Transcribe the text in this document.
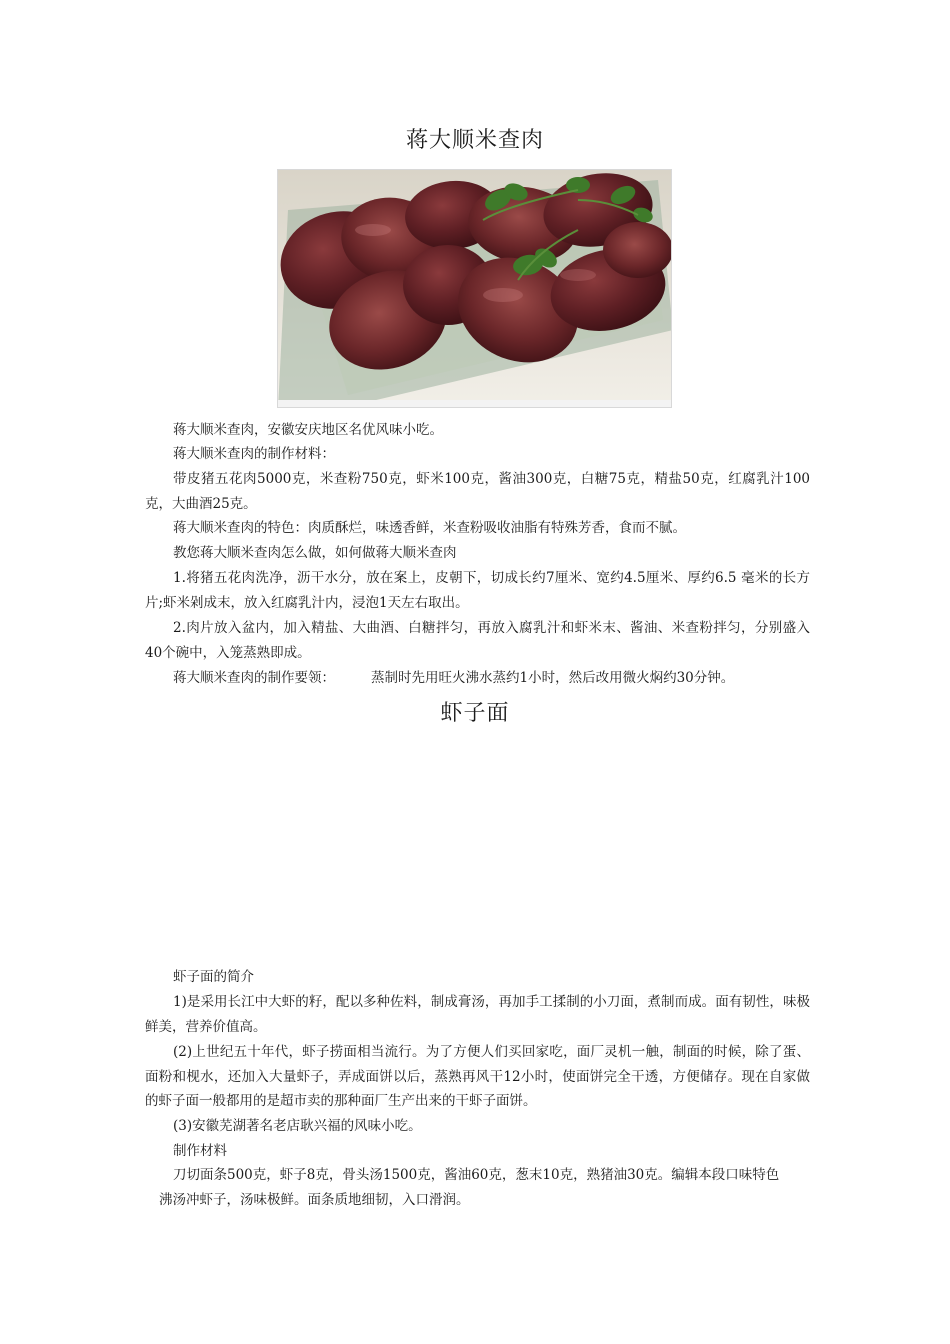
蒋大顺米查肉
蒋大顺米查肉，安徽安庆地区名优风味小吃。
蒋大顺米查肉的制作材料：
带皮猪五花肉5000克，米查粉750克，虾米100克，酱油300克，白糖75克，精盐50克，红腐乳汁100克，大曲酒25克。
蒋大顺米查肉的特色：肉质酥烂，味透香鲜，米查粉吸收油脂有特殊芳香，食而不腻。
教您蒋大顺米查肉怎么做，如何做蒋大顺米查肉
1.将猪五花肉洗净，沥干水分，放在案上，皮朝下，切成长约7厘米、宽约4.5厘米、厚约6.5 毫米的长方片;虾米剁成末，放入红腐乳汁内，浸泡1天左右取出。
2.肉片放入盆内，加入精盐、大曲酒、白糖拌匀，再放入腐乳汁和虾米末、酱油、米查粉拌匀，分别盛入40个碗中，入笼蒸熟即成。
蒋大顺米查肉的制作要领：	蒸制时先用旺火沸水蒸约1小时，然后改用微火焖约30分钟。
虾子面
虾子面的简介
1)是采用长江中大虾的籽，配以多种佐料，制成膏汤，再加手工揉制的小刀面，煮制而成。面有韧性，味极鲜美，营养价值高。
(2)上世纪五十年代，虾子捞面相当流行。为了方便人们买回家吃，面厂灵机一触，制面的时候，除了蛋、面粉和枧水，还加入大量虾子，弄成面饼以后，蒸熟再风干12小时，使面饼完全干透，方便储存。现在自家做的虾子面一般都用的是超市卖的那种面厂生产出来的干虾子面饼。
(3)安徽芜湖著名老店耿兴福的风味小吃。
制作材料
刀切面条500克，虾子8克，骨头汤1500克，酱油60克，葱末10克，熟猪油30克。编辑本段口味特色
沸汤冲虾子，汤味极鲜。面条质地细韧，入口滑润。
